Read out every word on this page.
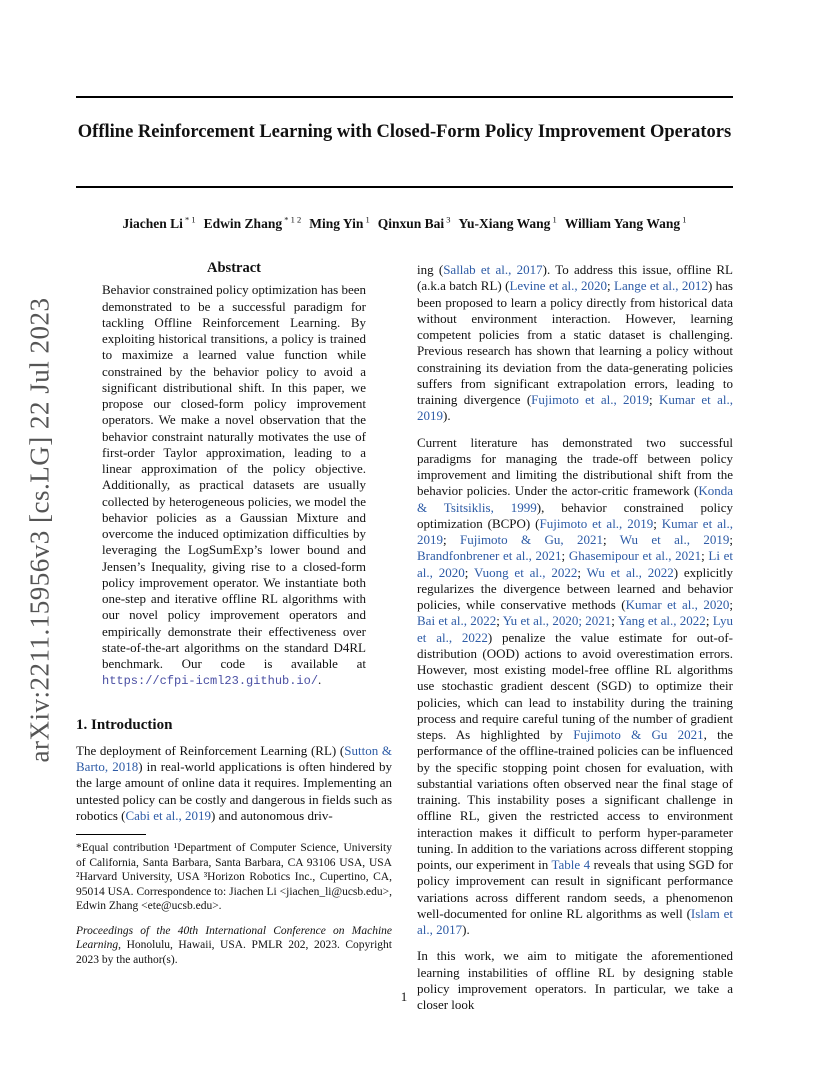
Offline Reinforcement Learning with Closed-Form Policy Improvement Operators
Jiachen Li $^{* 1}$ Edwin Zhang $^{* 1 2}$ Ming Yin $^1$ Qinxun Bai $^3$ Yu-Xiang Wang $^1$ William Yang Wang $^1$
arXiv:2211.15956v3 [cs.LG] 22 Jul 2023
Abstract

Behavior constrained policy optimization has been demonstrated to be a successful paradigm for tackling Offline Reinforcement Learning. By exploiting historical transitions, a policy is trained to maximize a learned value function while constrained by the behavior policy to avoid a significant distributional shift. In this paper, we propose our closed-form policy improvement operators. We make a novel observation that the behavior constraint naturally motivates the use of first-order Taylor approximation, leading to a linear approximation of the policy objective. Additionally, as practical datasets are usually collected by heterogeneous policies, we model the behavior policies as a Gaussian Mixture and overcome the induced optimization difficulties by leveraging the LogSumExp’s lower bound and Jensen’s Inequality, giving rise to a closed-form policy improvement operator. We instantiate both one-step and iterative offline RL algorithms with our novel policy improvement operators and empirically demonstrate their effectiveness over state-of-the-art algorithms on the standard D4RL benchmark. Our code is available at https://cfpi-icml23.github.io/.

1. Introduction
The deployment of Reinforcement Learning (RL) (Sutton & Barto, 2018) in real-world applications is often hindered by the large amount of online data it requires. Implementing an untested policy can be costly and dangerous in fields such as robotics (Cabi et al., 2019) and autonomous driv-
*Equal contribution ¹Department of Computer Science, University of California, Santa Barbara, Santa Barbara, CA 93106 USA, USA ²Harvard University, USA ³Horizon Robotics Inc., Cupertino, CA, 95014 USA. Correspondence to: Jiachen Li <jiachen_li@ucsb.edu>, Edwin Zhang <ete@ucsb.edu>.
Proceedings of the 40th International Conference on Machine Learning, Honolulu, Hawaii, USA. PMLR 202, 2023. Copyright 2023 by the author(s).
ing (Sallab et al., 2017). To address this issue, offline RL (a.k.a batch RL) (Levine et al., 2020; Lange et al., 2012) has been proposed to learn a policy directly from historical data without environment interaction. However, learning competent policies from a static dataset is challenging. Previous research has shown that learning a policy without constraining its deviation from the data-generating policies suffers from significant extrapolation errors, leading to training divergence (Fujimoto et al., 2019; Kumar et al., 2019).
Current literature has demonstrated two successful paradigms for managing the trade-off between policy improvement and limiting the distributional shift from the behavior policies. Under the actor-critic framework (Konda & Tsitsiklis, 1999), behavior constrained policy optimization (BCPO) (Fujimoto et al., 2019; Kumar et al., 2019; Fujimoto & Gu, 2021; Wu et al., 2019; Brandfonbrener et al., 2021; Ghasemipour et al., 2021; Li et al., 2020; Vuong et al., 2022; Wu et al., 2022) explicitly regularizes the divergence between learned and behavior policies, while conservative methods (Kumar et al., 2020; Bai et al., 2022; Yu et al., 2020; 2021; Yang et al., 2022; Lyu et al., 2022) penalize the value estimate for out-of-distribution (OOD) actions to avoid overestimation errors. However, most existing model-free offline RL algorithms use stochastic gradient descent (SGD) to optimize their policies, which can lead to instability during the training process and require careful tuning of the number of gradient steps. As highlighted by Fujimoto & Gu 2021, the performance of the offline-trained policies can be influenced by the specific stopping point chosen for evaluation, with substantial variations often observed near the final stage of training. This instability poses a significant challenge in offline RL, given the restricted access to environment interaction makes it difficult to perform hyper-parameter tuning. In addition to the variations across different stopping points, our experiment in Table 4 reveals that using SGD for policy improvement can result in significant performance variations across different random seeds, a phenomenon well-documented for online RL algorithms as well (Islam et al., 2017).
In this work, we aim to mitigate the aforementioned learning instabilities of offline RL by designing stable policy improvement operators. In particular, we take a closer look
1
